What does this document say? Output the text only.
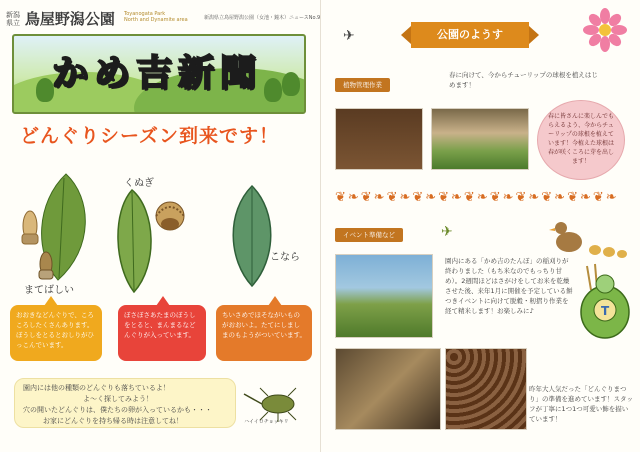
新潟
県立 鳥屋野潟公園 Toyanogata Park
North and Dynamite area	新潟県立鳥屋野潟公園（女池・鐘木）ニュースNo.9
かめ吉新聞
どんぐりシーズン到来です！
まてばしい
くぬぎ
こなら

おおきなどんぐりで、ころころしたくさんあります。ぼうしをとるとおしりがひっこんでいます。

ぼさぼさあたまのぼうしをとると、まんまるなどんぐりが入っています。

ちいさめでほそながいものがおおいよ。たてにしましまのもようがついています。

園内には他の種類のどんぐりも落ちているよ！

よ～く探してみよう！

穴の開いたどんぐりは、僕たちの卵が入っているかも・・・

お家にどんぐりを持ち帰る時は注意してね！	ハイイロチョッキリ
✈	公園のようす
植物管理作業

春に向けて、今からチューリップの球根を植えはじめます！

春に皆さんに楽しんでもらえるよう、今からチューリップの球根を植えています！今植えた球根は春が咲くころに芽を出します！

❦❧❦❧❦❧❦❧❦❧❦❧❦❧❦❧❦❧❦❧❦❧
イベント準備など	✈

園内にある「かめ吉のたんぼ」の稲刈りが終わりました（もち米なのでもっちり甘め）。2週間ほどはさがけをしてお米を乾燥させた後、来年1月に開催を予定している餅つきイベントに向けて脱穀・籾摺り作業を経て精米します！お楽しみに♪	T

昨年大人気だった「どんぐりまつり」の準備を進めています！スタッフが丁寧に1つ1つ可愛い飾を描いています！
